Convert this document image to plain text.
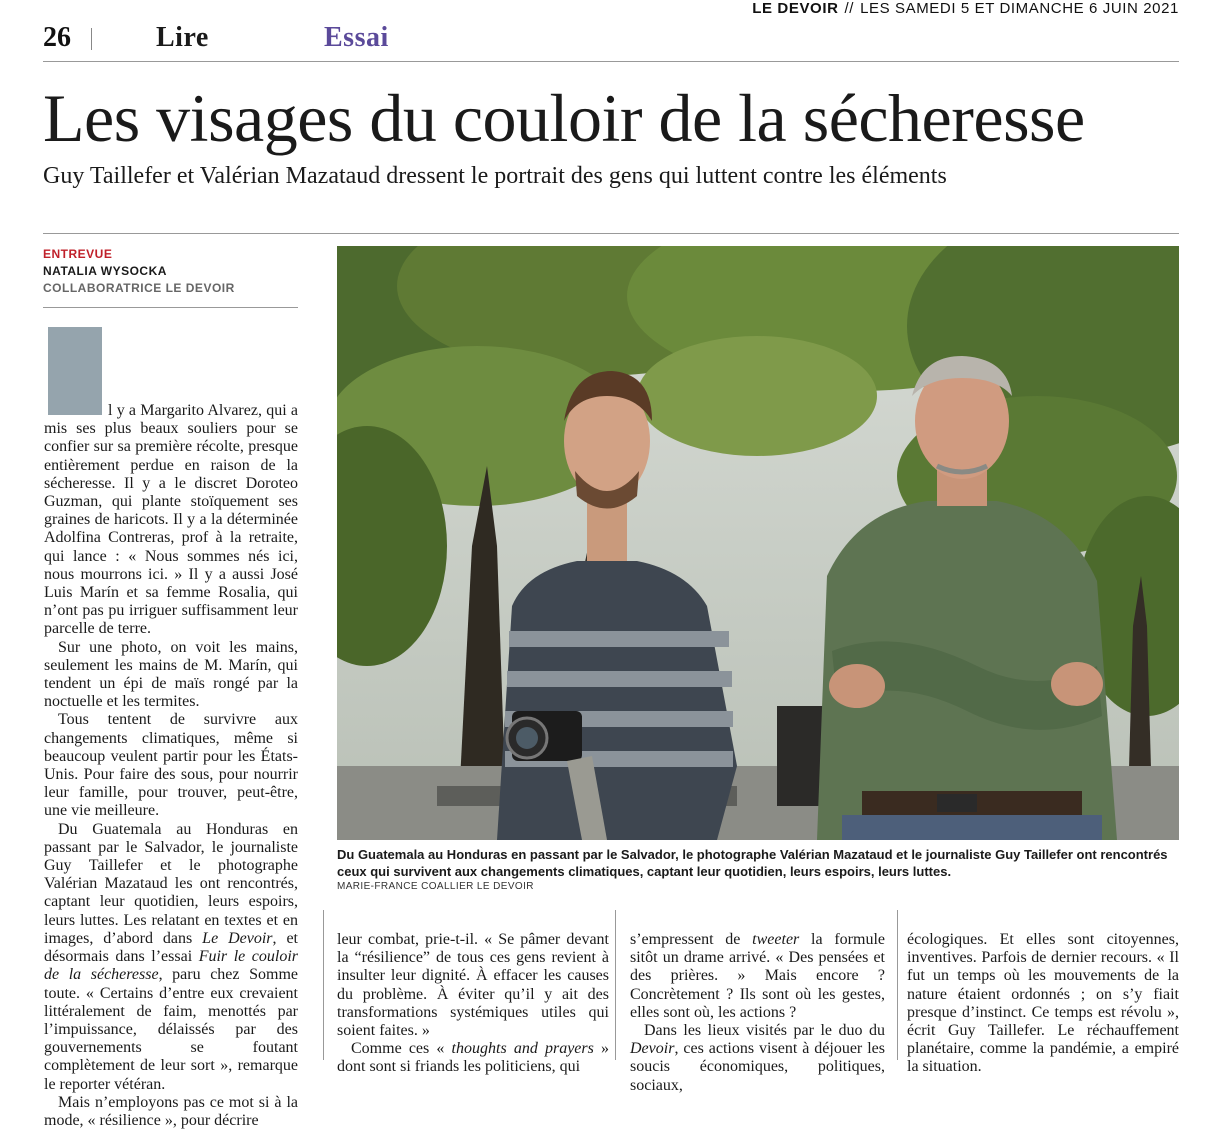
LE DEVOIR // LES SAMEDI 5 ET DIMANCHE 6 JUIN 2021
26	Lire	Essai
Les visages du couloir de la sécheresse
Guy Taillefer et Valérian Mazataud dressent le portrait des gens qui luttent contre les éléments
ENTREVUE
NATALIA WYSOCKA
COLLABORATRICE LE DEVOIR

l y a Margarito Alvarez, qui a mis ses plus beaux souliers pour se confier sur sa première récolte, presque entièrement perdue en raison de la sécheresse. Il y a le discret Doroteo Guzman, qui plante stoïquement ses graines de haricots. Il y a la déterminée Adolfina Contreras, prof à la retraite, qui lance : « Nous sommes nés ici, nous mourrons ici. » Il y a aussi José Luis Marín et sa femme Rosalia, qui n’ont pas pu irriguer suffisamment leur parcelle de terre.

Sur une photo, on voit les mains, seulement les mains de M. Marín, qui tendent un épi de maïs rongé par la noctuelle et les termites.

Tous tentent de survivre aux changements climatiques, même si beaucoup veulent partir pour les États-Unis. Pour faire des sous, pour nourrir leur famille, pour trouver, peut-être, une vie meilleure.

Du Guatemala au Honduras en passant par le Salvador, le journaliste Guy Taillefer et le photographe Valérian Mazataud les ont rencontrés, captant leur quotidien, leurs espoirs, leurs luttes. Les relatant en textes et en images, d’abord dans Le Devoir, et désormais dans l’essai Fuir le couloir de la sécheresse, paru chez Somme toute. « Certains d’entre eux crevaient littéralement de faim, menottés par l’impuissance, délaissés par des gouvernements se foutant complètement de leur sort », remarque le reporter vétéran.

Mais n’employons pas ce mot si à la mode, « résilience », pour décrire

Du Guatemala au Honduras en passant par le Salvador, le photographe Valérian Mazataud et le journaliste Guy Taillefer ont rencontrés ceux qui survivent aux changements climatiques, captant leur quotidien, leurs espoirs, leurs luttes.
MARIE-FRANCE COALLIER LE DEVOIR

leur combat, prie-t-il. « Se pâmer devant la “résilience” de tous ces gens revient à insulter leur dignité. À effacer les causes du problème. À éviter qu’il y ait des transformations systémiques utiles qui soient faites. »

Comme ces « thoughts and prayers » dont sont si friands les politiciens, qui

s’empressent de tweeter la formule sitôt un drame arrivé. « Des pensées et des prières. » Mais encore ? Concrètement ? Ils sont où les gestes, elles sont où, les actions ?

Dans les lieux visités par le duo du Devoir, ces actions visent à déjouer les soucis économiques, politiques, sociaux,

écologiques. Et elles sont citoyennes, inventives. Parfois de dernier recours. « Il fut un temps où les mouvements de la nature étaient ordonnés ; on s’y fiait presque d’instinct. Ce temps est révolu », écrit Guy Taillefer. Le réchauffement planétaire, comme la pandémie, a empiré la situation.
